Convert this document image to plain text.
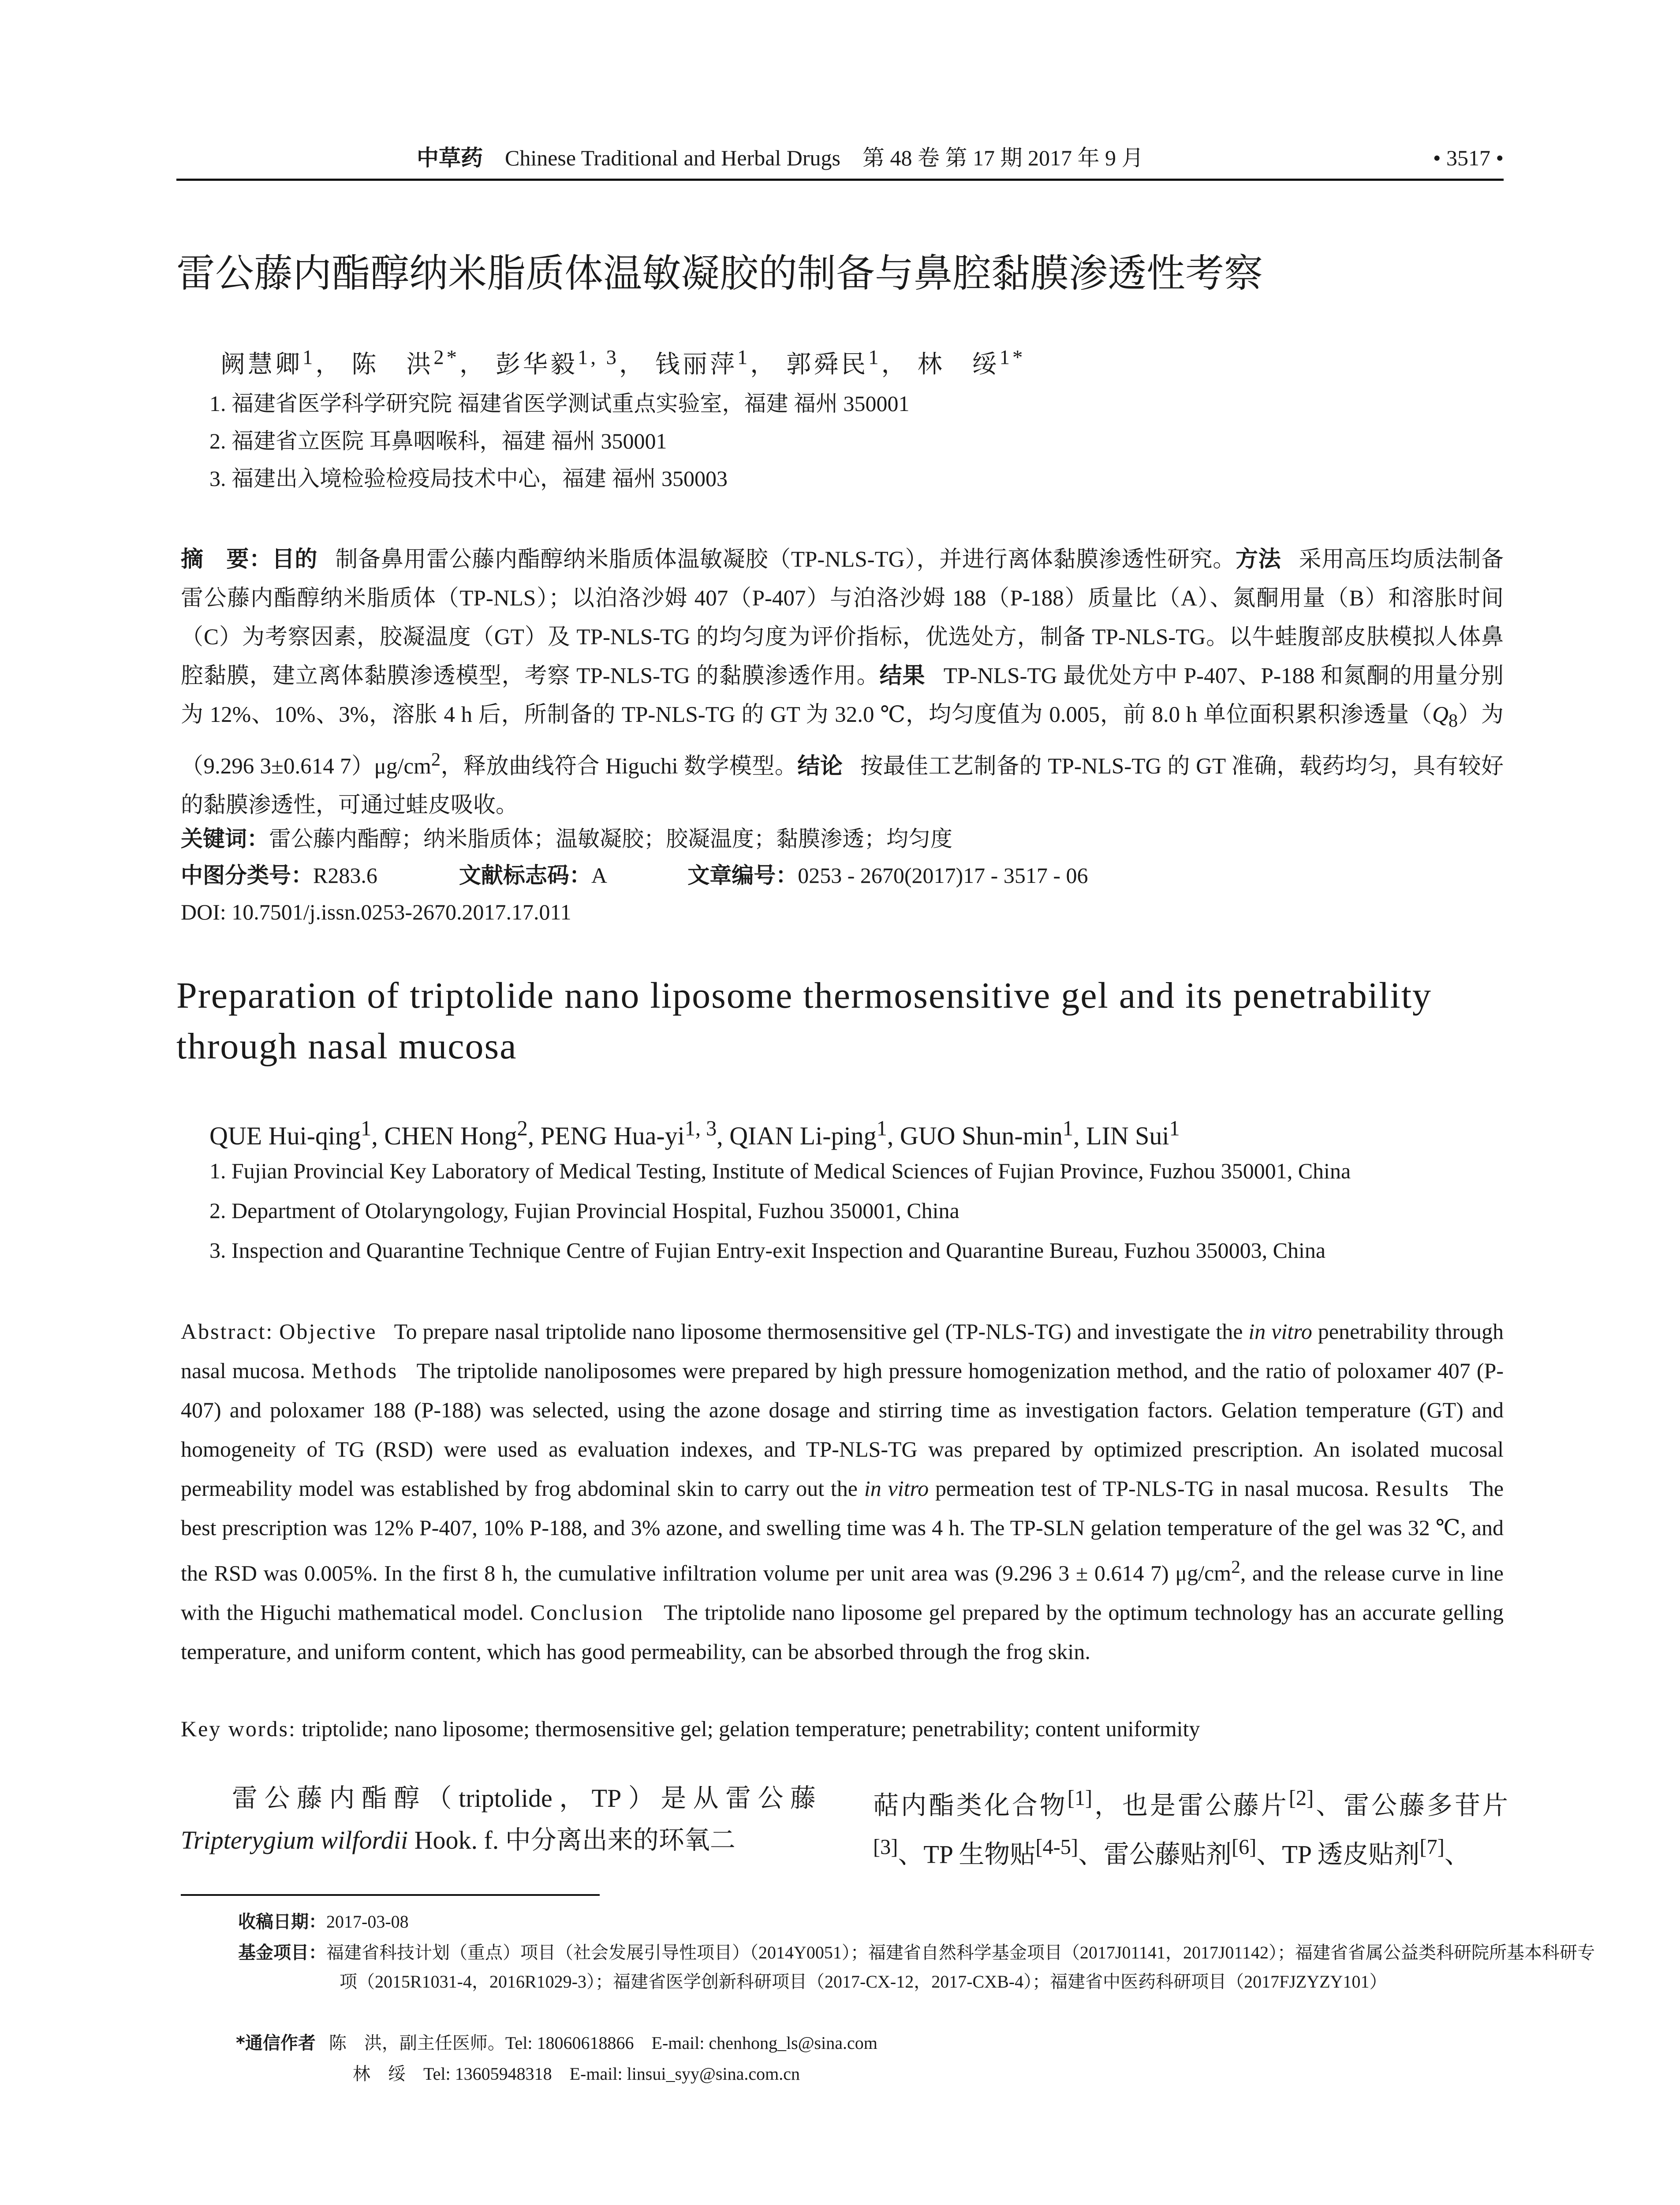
中草药 Chinese Traditional and Herbal Drugs 第 48 卷 第 17 期 2017 年 9 月	• 3517 •
雷公藤内酯醇纳米脂质体温敏凝胶的制备与鼻腔黏膜渗透性考察
阙慧卿$^1$， 陈　洪$^{2*}$， 彭华毅$^{1, 3}$， 钱丽萍$^1$， 郭舜民$^1$， 林　绥$^{1*}$
1. 福建省医学科学研究院 福建省医学测试重点实验室，福建 福州 350001
2. 福建省立医院 耳鼻咽喉科，福建 福州 350001
3. 福建出入境检验检疫局技术中心，福建 福州 350003

摘　要：目的 制备鼻用雷公藤内酯醇纳米脂质体温敏凝胶（TP-NLS-TG），并进行离体黏膜渗透性研究。方法 采用高压均质法制备雷公藤内酯醇纳米脂质体（TP-NLS）；以泊洛沙姆 407（P-407）与泊洛沙姆 188（P-188）质量比（A）、氮酮用量（B）和溶胀时间（C）为考察因素，胶凝温度（GT）及 TP-NLS-TG 的均匀度为评价指标，优选处方，制备 TP-NLS-TG。以牛蛙腹部皮肤模拟人体鼻腔黏膜，建立离体黏膜渗透模型，考察 TP-NLS-TG 的黏膜渗透作用。结果 TP-NLS-TG 最优处方中 P-407、P-188 和氮酮的用量分别为 12%、10%、3%，溶胀 4 h 后，所制备的 TP-NLS-TG 的 GT 为 32.0 ℃，均匀度值为 0.005，前 8.0 h 单位面积累积渗透量$(Q_8)$为（9.296 3±0.614 $7)\mu g/cm^2$，释放曲线符合 Higuchi 数学模型。结论 按最佳工艺制备的 TP-NLS-TG 的 GT 准确，载药均匀，具有较好的黏膜渗透性，可通过蛙皮吸收。

关键词：雷公藤内酯醇；纳米脂质体；温敏凝胶；胶凝温度；黏膜渗透；均匀度
中图分类号：R283.6	文献标志码：A	文章编号：0253 - 2670(2017)17 - 3517 - 06
DOI: 10.7501/j.issn.0253-2670.2017.17.011
Preparation of triptolide nano liposome thermosensitive gel and its penetrability through nasal mucosa
QUE Hui-qing$^1$, CHEN Hong$^2$, PENG Hua-yi$^{1, 3}$, QIAN Li-ping$^1$, GUO Shun-$\min^1$, LIN Sui$^1$
1. Fujian Provincial Key Laboratory of Medical Testing, Institute of Medical Sciences of Fujian Province, Fuzhou 350001, China
2. Department of Otolaryngology, Fujian Provincial Hospital, Fuzhou 350001, China
3. Inspection and Quarantine Technique Centre of Fujian Entry-exit Inspection and Quarantine Bureau, Fuzhou 350003, China

Abstract: Objective To prepare nasal triptolide nano liposome thermosensitive gel (TP-NLS-TG) and investigate the in vitro penetrability through nasal mucosa. Methods The triptolide nanoliposomes were prepared by high pressure homogenization method, and the ratio of poloxamer 407 (P-407) and poloxamer 188 (P-188) was selected, using the azone dosage and stirring time as investigation factors. Gelation temperature (GT) and homogeneity of TG (RSD) were used as evaluation indexes, and TP-NLS-TG was prepared by optimized prescription. An isolated mucosal permeability model was established by frog abdominal skin to carry out the in vitro permeation test of TP-NLS-TG in nasal mucosa. Results The best prescription was 12% P-407, 10% P-188, and 3% azone, and swelling time was 4 h. The TP-SLN gelation temperature of the gel was 32 ℃, and the RSD was 0.005%. In the first 8 h, the cumulative infiltration volume per unit area was (9.296 3 ± 0.614 7) $\mu g/cm^2$, and the release curve in line with the Higuchi mathematical model. Conclusion The triptolide nano liposome gel prepared by the optimum technology has an accurate gelling temperature, and uniform content, which has good permeability, can be absorbed through the frog skin.

Key words: triptolide; nano liposome; thermosensitive gel; gelation temperature; penetrability; content uniformity

雷公藤内酯醇（triptolide，TP）是从雷公藤Tripterygium wilfordii Hook. f. 中分离出来的环氧二

萜内酯类化合物[1]，也是雷公藤片[2]、雷公藤多苷片[3]、TP 生物贴[4-5]、雷公藤贴剂[6]、TP 透皮贴剂[7]、

收稿日期：2017-03-08
基金项目：福建省科技计划（重点）项目（社会发展引导性项目）（2014Y0051）；福建省自然科学基金项目（2017J01141，2017J01142）；福建省省属公益类科研院所基本科研专项（2015R1031-4，2016R1029-3）；福建省医学创新科研项目（2017-CX-12，2017-CXB-4）；福建省中医药科研项目（2017FJZYZY101）
*通信作者 陈　洪，副主任医师。Tel: 18060618866　E-mail: chenhong_ls@sina.com
林　绥　Tel: 13605948318　E-mail: linsui_syy@sina.com.cn
